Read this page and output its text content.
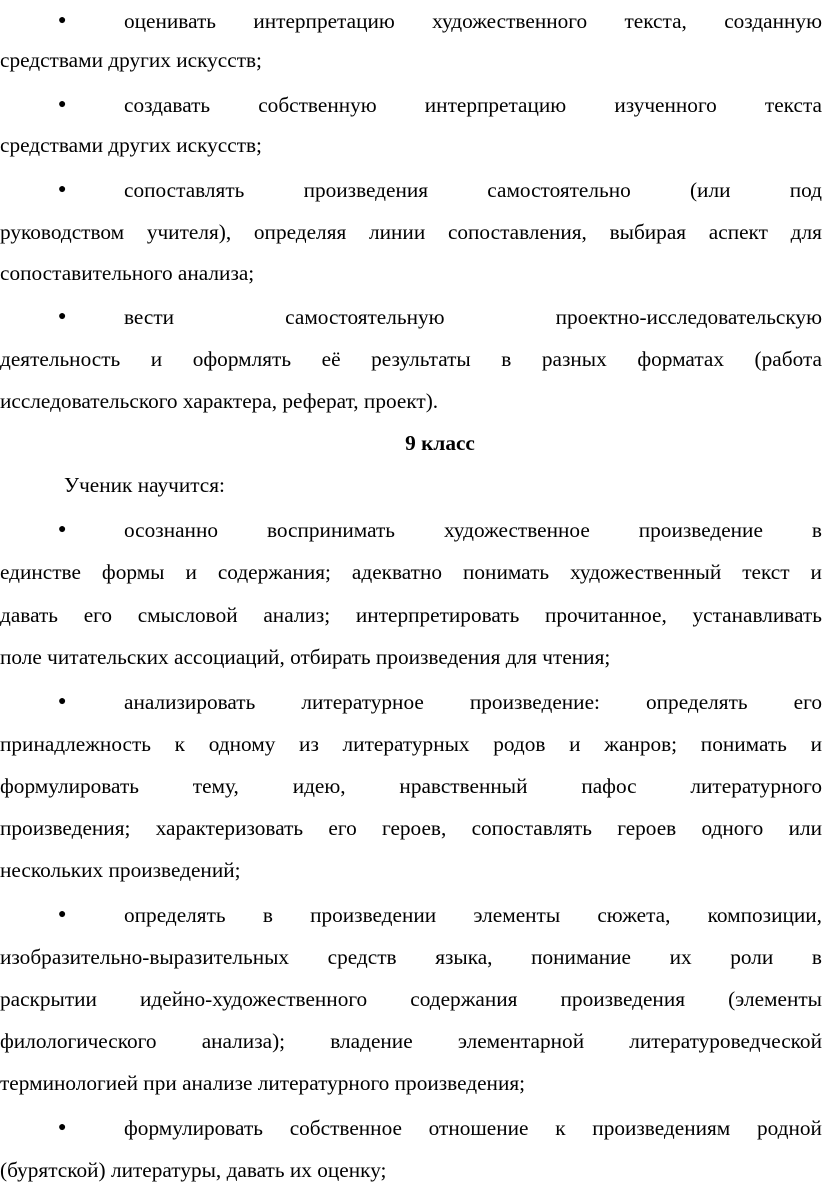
●	оценивать интерпретацию художественного текста, созданную
средствами других искусств;
●	создавать собственную интерпретацию изученного текста
средствами других искусств;
●	сопоставлять	произведения	самостоятельно	(или	под
руководством учителя), определяя линии сопоставления, выбирая аспект для
сопоставительного анализа;
●	вести	самостоятельную	проектно-исследовательскую
деятельность и оформлять её результаты в разных форматах (работа
исследовательского характера, реферат, проект).
9 класс
Ученик научится:
●	осознанно воспринимать художественное произведение в
единстве формы и содержания; адекватно понимать художественный текст и
давать его смысловой анализ; интерпретировать прочитанное, устанавливать
поле читательских ассоциаций, отбирать произведения для чтения;
●	анализировать литературное произведение: определять его
принадлежность к одному из литературных родов и жанров; понимать и
формулировать	тему,	идею,	нравственный	пафос	литературного
произведения; характеризовать его героев, сопоставлять героев одного или
нескольких произведений;
●	определять в произведении элементы сюжета, композиции,
изобразительно-выразительных средств языка, понимание их роли в
раскрытии идейно-художественного содержания произведения (элементы
филологического анализа); владение элементарной литературоведческой
терминологией при анализе литературного произведения;
●	формулировать собственное отношение к произведениям родной
(бурятской) литературы, давать их оценку;
